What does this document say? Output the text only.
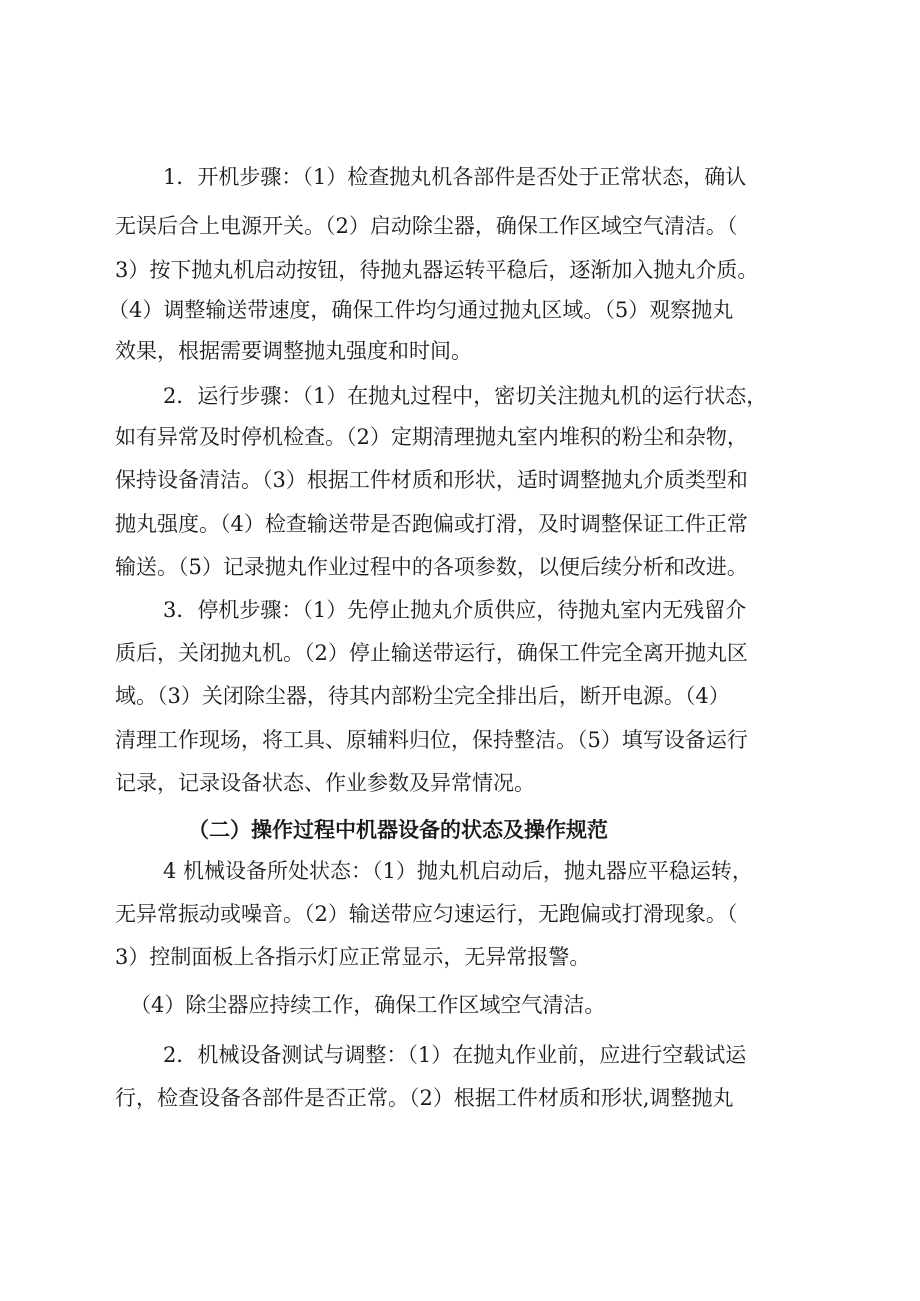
1．开机步骤：（1）检查抛丸机各部件是否处于正常状态，确认
无误后合上电源开关。（2）启动除尘器，确保工作区域空气清洁。（
3）按下抛丸机启动按钮，待抛丸器运转平稳后，逐渐加入抛丸介质。
（4）调整输送带速度，确保工件均匀通过抛丸区域。（5）观察抛丸
效果，根据需要调整抛丸强度和时间。
2．运行步骤：（1）在抛丸过程中，密切关注抛丸机的运行状态，
如有异常及时停机检查。（2）定期清理抛丸室内堆积的粉尘和杂物，
保持设备清洁。（3）根据工件材质和形状，适时调整抛丸介质类型和
抛丸强度。（4）检查输送带是否跑偏或打滑，及时调整保证工件正常
输送。（5）记录抛丸作业过程中的各项参数，以便后续分析和改进。
3．停机步骤：（1）先停止抛丸介质供应，待抛丸室内无残留介
质后，关闭抛丸机。（2）停止输送带运行，确保工件完全离开抛丸区
域。（3）关闭除尘器，待其内部粉尘完全排出后，断开电源。（4）
清理工作现场，将工具、原辅料归位，保持整洁。（5）填写设备运行
记录，记录设备状态、作业参数及异常情况。
（二）操作过程中机器设备的状态及操作规范
4 机械设备所处状态：（1）抛丸机启动后，抛丸器应平稳运转，
无异常振动或噪音。（2）输送带应匀速运行，无跑偏或打滑现象。（
3）控制面板上各指示灯应正常显示，无异常报警。
（4）除尘器应持续工作，确保工作区域空气清洁。
2．机械设备测试与调整：（1）在抛丸作业前，应进行空载试运
行，检查设备各部件是否正常。（2）根据工件材质和形状,调整抛丸
